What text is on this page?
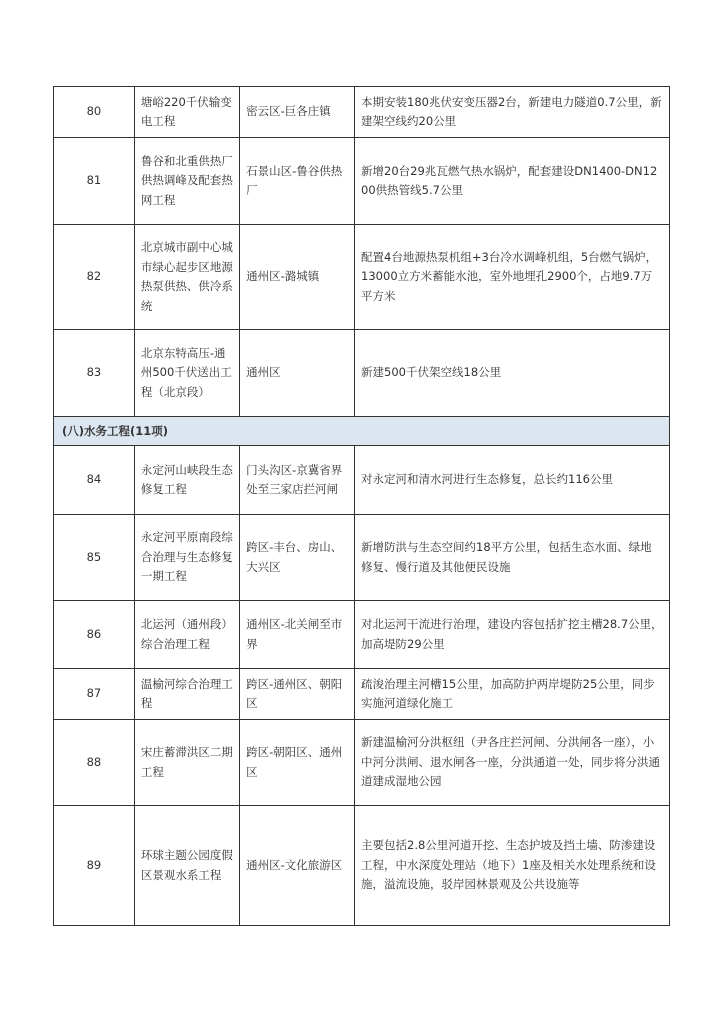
80	塘峪220千伏输变电工程	密云区-巨各庄镇	本期安装180兆伏安变压器2台，新建电力隧道0.7公里，新建架空线约20公里
81	鲁谷和北重供热厂供热调峰及配套热网工程	石景山区-鲁谷供热厂	新增20台29兆瓦燃气热水锅炉，配套建设DN1400-DN1200供热管线5.7公里
82	北京城市副中心城市绿心起步区地源热泵供热、供冷系统	通州区-潞城镇	配置4台地源热泵机组+3台冷水调峰机组，5台燃气锅炉，13000立方米蓄能水池，室外地埋孔2900个，占地9.7万平方米
83	北京东特高压-通州500千伏送出工程（北京段）	通州区	新建500千伏架空线18公里
(八)水务工程(11项)			
84	永定河山峡段生态修复工程	门头沟区-京冀省界处至三家店拦河闸	对永定河和清水河进行生态修复，总长约116公里
85	永定河平原南段综合治理与生态修复一期工程	跨区-丰台、房山、大兴区	新增防洪与生态空间约18平方公里，包括生态水面、绿地修复、慢行道及其他便民设施
86	北运河（通州段）综合治理工程	通州区-北关闸至市界	对北运河干流进行治理，建设内容包括扩挖主槽28.7公里，加高堤防29公里
87	温榆河综合治理工程	跨区-通州区、朝阳区	疏浚治理主河槽15公里，加高防护两岸堤防25公里，同步实施河道绿化施工
88	宋庄蓄滞洪区二期工程	跨区-朝阳区、通州区	新建温榆河分洪枢纽（尹各庄拦河闸、分洪闸各一座），小中河分洪闸、退水闸各一座，分洪通道一处，同步将分洪通道建成湿地公园
89	环球主题公园度假区景观水系工程	通州区-文化旅游区	主要包括2.8公里河道开挖、生态护坡及挡土墙、防渗建设工程，中水深度处理站（地下）1座及相关水处理系统和设施，溢流设施，驳岸园林景观及公共设施等
